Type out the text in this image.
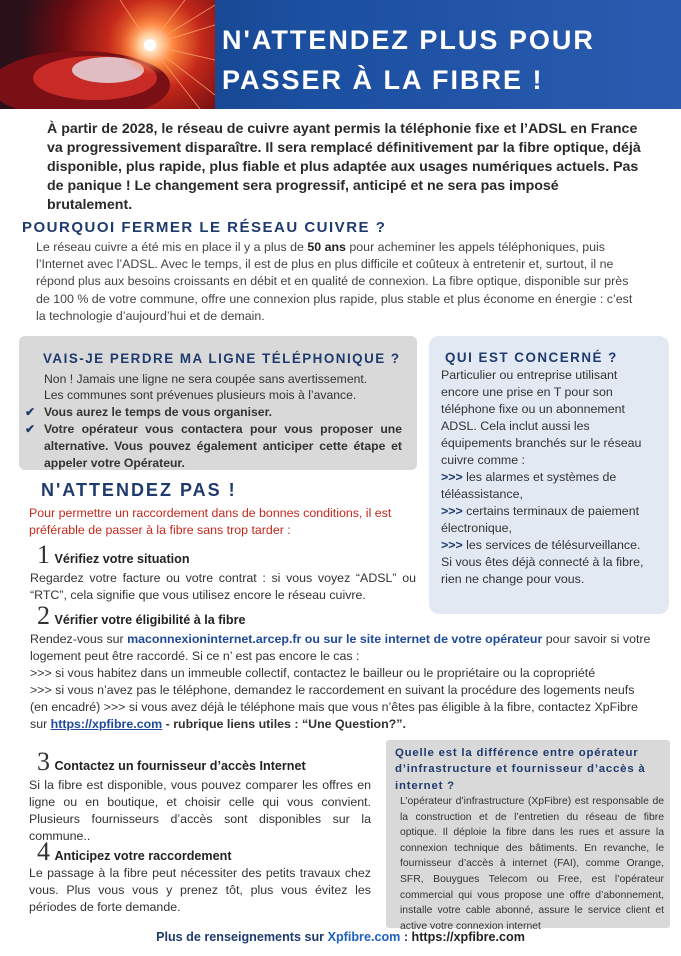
N'ATTENDEZ PLUS POUR
PASSER À LA FIBRE !
À partir de 2028, le réseau de cuivre ayant permis la téléphonie fixe et l’ADSL en France va progressivement disparaître. Il sera remplacé définitivement par la fibre optique, déjà disponible, plus rapide, plus fiable et plus adaptée aux usages numériques actuels. Pas de panique ! Le changement sera progressif, anticipé et ne sera pas imposé brutalement.
POURQUOI FERMER LE RÉSEAU CUIVRE ?
Le réseau cuivre a été mis en place il y a plus de 50 ans pour acheminer les appels téléphoniques, puis l’Internet avec l’ADSL. Avec le temps, il est de plus en plus difficile et coûteux à entretenir et, surtout, il ne répond plus aux besoins croissants en débit et en qualité de connexion. La fibre optique, disponible sur près de 100 % de votre commune, offre une connexion plus rapide, plus stable et plus économe en énergie : c’est la technologie d’aujourd’hui et de demain.
VAIS-JE PERDRE MA LIGNE TÉLÉPHONIQUE ?
Non ! Jamais une ligne ne sera coupée sans avertissement.
Les communes sont prévenues plusieurs mois à l’avance.
✔ Vous aurez le temps de vous organiser.
✔ Votre opérateur vous contactera pour vous proposer une alternative. Vous pouvez également anticiper cette étape et appeler votre Opérateur.
QUI EST CONCERNÉ ?
Particulier ou entreprise utilisant encore une prise en T pour son téléphone fixe ou un abonnement ADSL. Cela inclut aussi les équipements branchés sur le réseau cuivre comme :
>>> les alarmes et systèmes de téléassistance,
>>> certains terminaux de paiement électronique,
>>> les services de télésurveillance.
Si vous êtes déjà connecté à la fibre, rien ne change pour vous.
N'ATTENDEZ PAS !
Pour permettre un raccordement dans de bonnes conditions, il est préférable de passer à la fibre sans trop tarder :
1 Vérifiez votre situation
Regardez votre facture ou votre contrat : si vous voyez “ADSL” ou “RTC”, cela signifie que vous utilisez encore le réseau cuivre.
2 Vérifier votre éligibilité à la fibre
Rendez-vous sur maconnexioninternet.arcep.fr ou sur le site internet de votre opérateur pour savoir si votre logement peut être raccordé. Si ce n’ est pas encore le cas :
>>> si vous habitez dans un immeuble collectif, contactez le bailleur ou le propriétaire ou la copropriété
>>> si vous n’avez pas le téléphone, demandez le raccordement en suivant la procédure des logements neufs (en encadré) >>> si vous avez déjà le téléphone mais que vous n’êtes pas éligible à la fibre, contactez XpFibre sur https://xpfibre.com - rubrique liens utiles : “Une Question?”.
3 Contactez un fournisseur d’accès Internet
Si la fibre est disponible, vous pouvez comparer les offres en ligne ou en boutique, et choisir celle qui vous convient. Plusieurs fournisseurs d’accès sont disponibles sur la commune..
4 Anticipez votre raccordement
Le passage à la fibre peut nécessiter des petits travaux chez vous. Plus vous vous y prenez tôt, plus vous évitez les périodes de forte demande.
Quelle est la différence entre opérateur d’infrastructure et fournisseur d’accès à internet ?
L’opérateur d’infrastructure (XpFibre) est responsable de la construction et de l’entretien du réseau de fibre optique. Il déploie la fibre dans les rues et assure la connexion technique des bâtiments. En revanche, le fournisseur d’accès à internet (FAI), comme Orange, SFR, Bouygues Telecom ou Free, est l’opérateur commercial qui vous propose une offre d’abonnement, installe votre cable abonné, assure le service client et active votre connexion internet
Plus de renseignements sur Xpfibre.com : https://xpfibre.com
